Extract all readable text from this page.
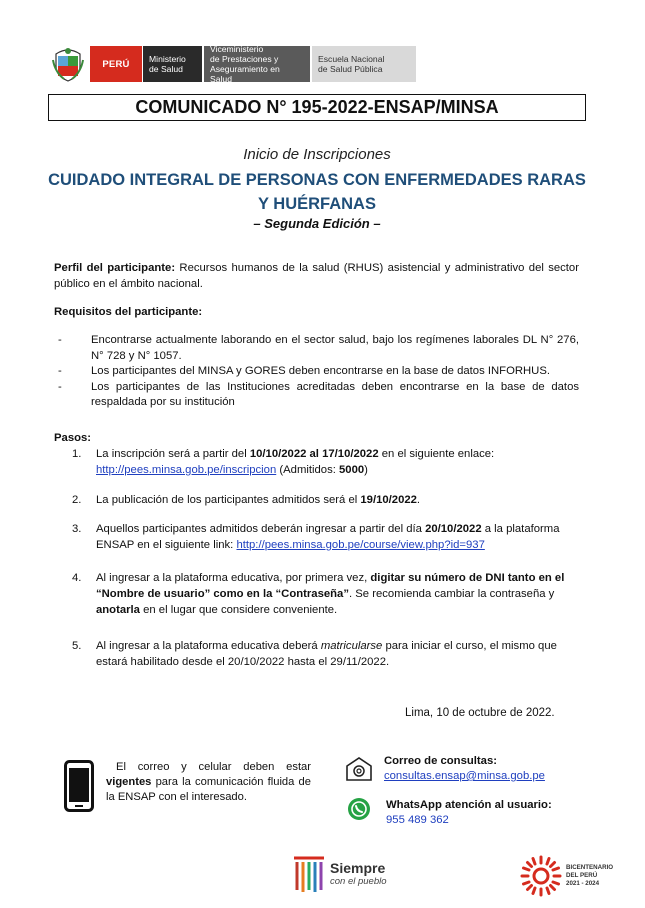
PERÚ Ministerio
de Salud
Viceministerio
de Prestaciones y
Aseguramiento en Salud
Escuela Nacional
de Salud Pública
COMUNICADO N° 195-2022-ENSAP/MINSA
Inicio de Inscripciones
CUIDADO INTEGRAL DE PERSONAS CON ENFERMEDADES RARAS
Y HUÉRFANAS
– Segunda Edición –
Perfil del participante: Recursos humanos de la salud (RHUS) asistencial y administrativo del sector público en el ámbito nacional.
Requisitos del participante:
- Encontrarse actualmente laborando en el sector salud, bajo los regímenes laborales DL N° 276, N° 728 y N° 1057.
- Los participantes del MINSA y GORES deben encontrarse en la base de datos INFORHUS.
- Los participantes de las Instituciones acreditadas deben encontrarse en la base de datos respaldada por su institución
Pasos:
1.	La inscripción será a partir del 10/10/2022 al 17/10/2022 en el siguiente enlace:
http://pees.minsa.gob.pe/inscripcion (Admitidos: 5000)
2.	La publicación de los participantes admitidos será el 19/10/2022.
3.	Aquellos participantes admitidos deberán ingresar a partir del día 20/10/2022 a la plataforma ENSAP en el siguiente link: http://pees.minsa.gob.pe/course/view.php?id=937
4.	Al ingresar a la plataforma educativa, por primera vez, digitar su número de DNI tanto en el “Nombre de usuario” como en la “Contraseña”. Se recomienda cambiar la contraseña y anotarla en el lugar que considere conveniente.
5.	Al ingresar a la plataforma educativa deberá matricularse para iniciar el curso, el mismo que estará habilitado desde el 20/10/2022 hasta el 29/11/2022.
Lima, 10 de octubre de 2022.
El correo y celular deben estar vigentes para la comunicación fluida de la ENSAP con el interesado.
Correo de consultas:
consultas.ensap@minsa.gob.pe
WhatsApp atención al usuario:
955 489 362
Siempre
con el pueblo
BICENTENARIO
DEL PERÚ
2021 - 2024
